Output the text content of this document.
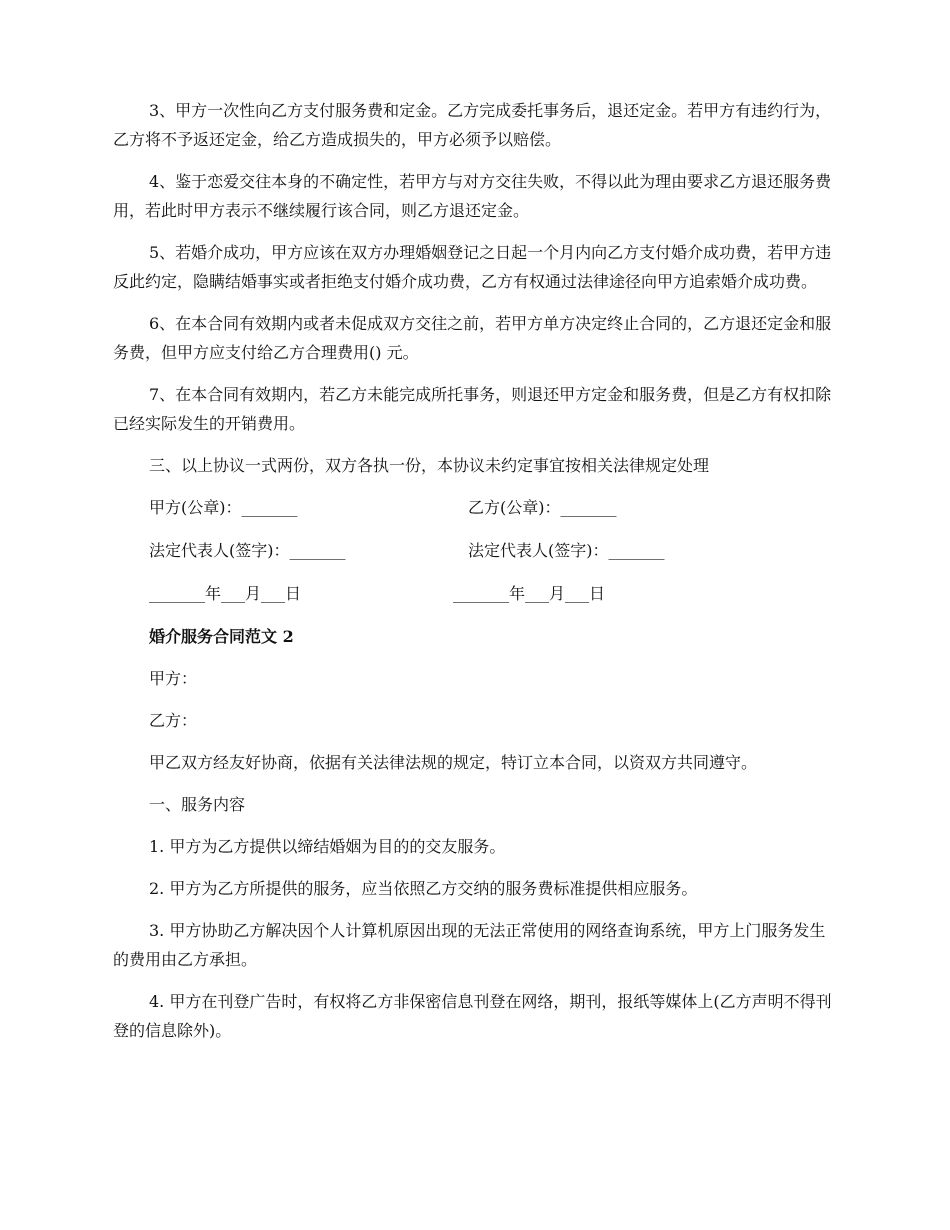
3、甲方一次性向乙方支付服务费和定金。乙方完成委托事务后，退还定金。若甲方有违约行为，乙方将不予返还定金，给乙方造成损失的，甲方必须予以赔偿。

4、鉴于恋爱交往本身的不确定性，若甲方与对方交往失败，不得以此为理由要求乙方退还服务费用，若此时甲方表示不继续履行该合同，则乙方退还定金。

5、若婚介成功，甲方应该在双方办理婚姻登记之日起一个月内向乙方支付婚介成功费，若甲方违反此约定，隐瞒结婚事实或者拒绝支付婚介成功费，乙方有权通过法律途径向甲方追索婚介成功费。

6、在本合同有效期内或者未促成双方交往之前，若甲方单方决定终止合同的，乙方退还定金和服务费，但甲方应支付给乙方合理费用() 元。

7、在本合同有效期内，若乙方未能完成所托事务，则退还甲方定金和服务费，但是乙方有权扣除已经实际发生的开销费用。

三、以上协议一式两份，双方各执一份，本协议未约定事宜按相关法律规定处理

甲方(公章)：_______	乙方(公章)：_______
法定代表人(签字)：_______	法定代表人(签字)：_______
_______年___月___日	_______年___月___日

婚介服务合同范文 2

甲方：

乙方：

甲乙双方经友好协商，依据有关法律法规的规定，特订立本合同，以资双方共同遵守。

一、服务内容

1. 甲方为乙方提供以缔结婚姻为目的的交友服务。

2. 甲方为乙方所提供的服务，应当依照乙方交纳的服务费标准提供相应服务。

3. 甲方协助乙方解决因个人计算机原因出现的无法正常使用的网络查询系统，甲方上门服务发生的费用由乙方承担。

4. 甲方在刊登广告时，有权将乙方非保密信息刊登在网络，期刊，报纸等媒体上(乙方声明不得刊登的信息除外)。
